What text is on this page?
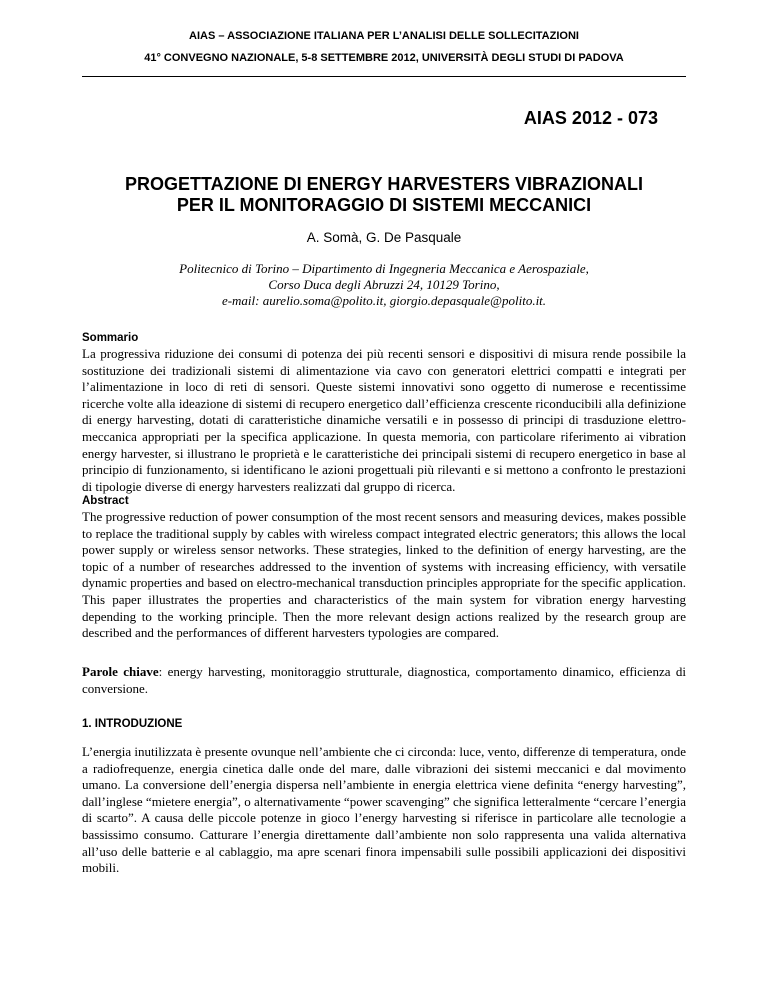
AIAS – ASSOCIAZIONE ITALIANA PER L’ANALISI DELLE SOLLECITAZIONI
41° CONVEGNO NAZIONALE, 5-8 SETTEMBRE 2012, UNIVERSITÀ DEGLI STUDI DI PADOVA
AIAS 2012 - 073
PROGETTAZIONE DI ENERGY HARVESTERS VIBRAZIONALI
PER IL MONITORAGGIO DI SISTEMI MECCANICI
A. Somà, G. De Pasquale
Politecnico di Torino – Dipartimento di Ingegneria Meccanica e Aerospaziale,
Corso Duca degli Abruzzi 24, 10129 Torino,
e-mail: aurelio.soma@polito.it, giorgio.depasquale@polito.it.
Sommario
La progressiva riduzione dei consumi di potenza dei più recenti sensori e dispositivi di misura rende possibile la sostituzione dei tradizionali sistemi di alimentazione via cavo con generatori elettrici compatti e integrati per l’alimentazione in loco di reti di sensori. Queste sistemi innovativi sono oggetto di numerose e recentissime ricerche volte alla ideazione di sistemi di recupero energetico dall’efficienza crescente riconducibili alla definizione di energy harvesting, dotati di caratteristiche dinamiche versatili e in possesso di principi di trasduzione elettro-meccanica appropriati per la specifica applicazione. In questa memoria, con particolare riferimento ai vibration energy harvester, si illustrano le proprietà e le caratteristiche dei principali sistemi di recupero energetico in base al principio di funzionamento, si identificano le azioni progettuali più rilevanti e si mettono a confronto le prestazioni di tipologie diverse di energy harvesters realizzati dal gruppo di ricerca.
Abstract
The progressive reduction of power consumption of the most recent sensors and measuring devices, makes possible to replace the traditional supply by cables with wireless compact integrated electric generators; this allows the local power supply or wireless sensor networks. These strategies, linked to the definition of energy harvesting, are the topic of a number of researches addressed to the invention of systems with increasing efficiency, with versatile dynamic properties and based on electro-mechanical transduction principles appropriate for the specific application. This paper illustrates the properties and characteristics of the main system for vibration energy harvesting depending to the working principle. Then the more relevant design actions realized by the research group are described and the performances of different harvesters typologies are compared.
Parole chiave: energy harvesting, monitoraggio strutturale, diagnostica, comportamento dinamico, efficienza di conversione.
1. INTRODUZIONE
L’energia inutilizzata è presente ovunque nell’ambiente che ci circonda: luce, vento, differenze di temperatura, onde a radiofrequenze, energia cinetica dalle onde del mare, dalle vibrazioni dei sistemi meccanici e dal movimento umano. La conversione dell’energia dispersa nell’ambiente in energia elettrica viene definita “energy harvesting”, dall’inglese “mietere energia”, o alternativamente “power scavenging” che significa letteralmente “cercare l’energia di scarto”. A causa delle piccole potenze in gioco l’energy harvesting si riferisce in particolare alle tecnologie a bassissimo consumo. Catturare l’energia direttamente dall’ambiente non solo rappresenta una valida alternativa all’uso delle batterie e al cablaggio, ma apre scenari finora impensabili sulle possibili applicazioni dei dispositivi mobili.
